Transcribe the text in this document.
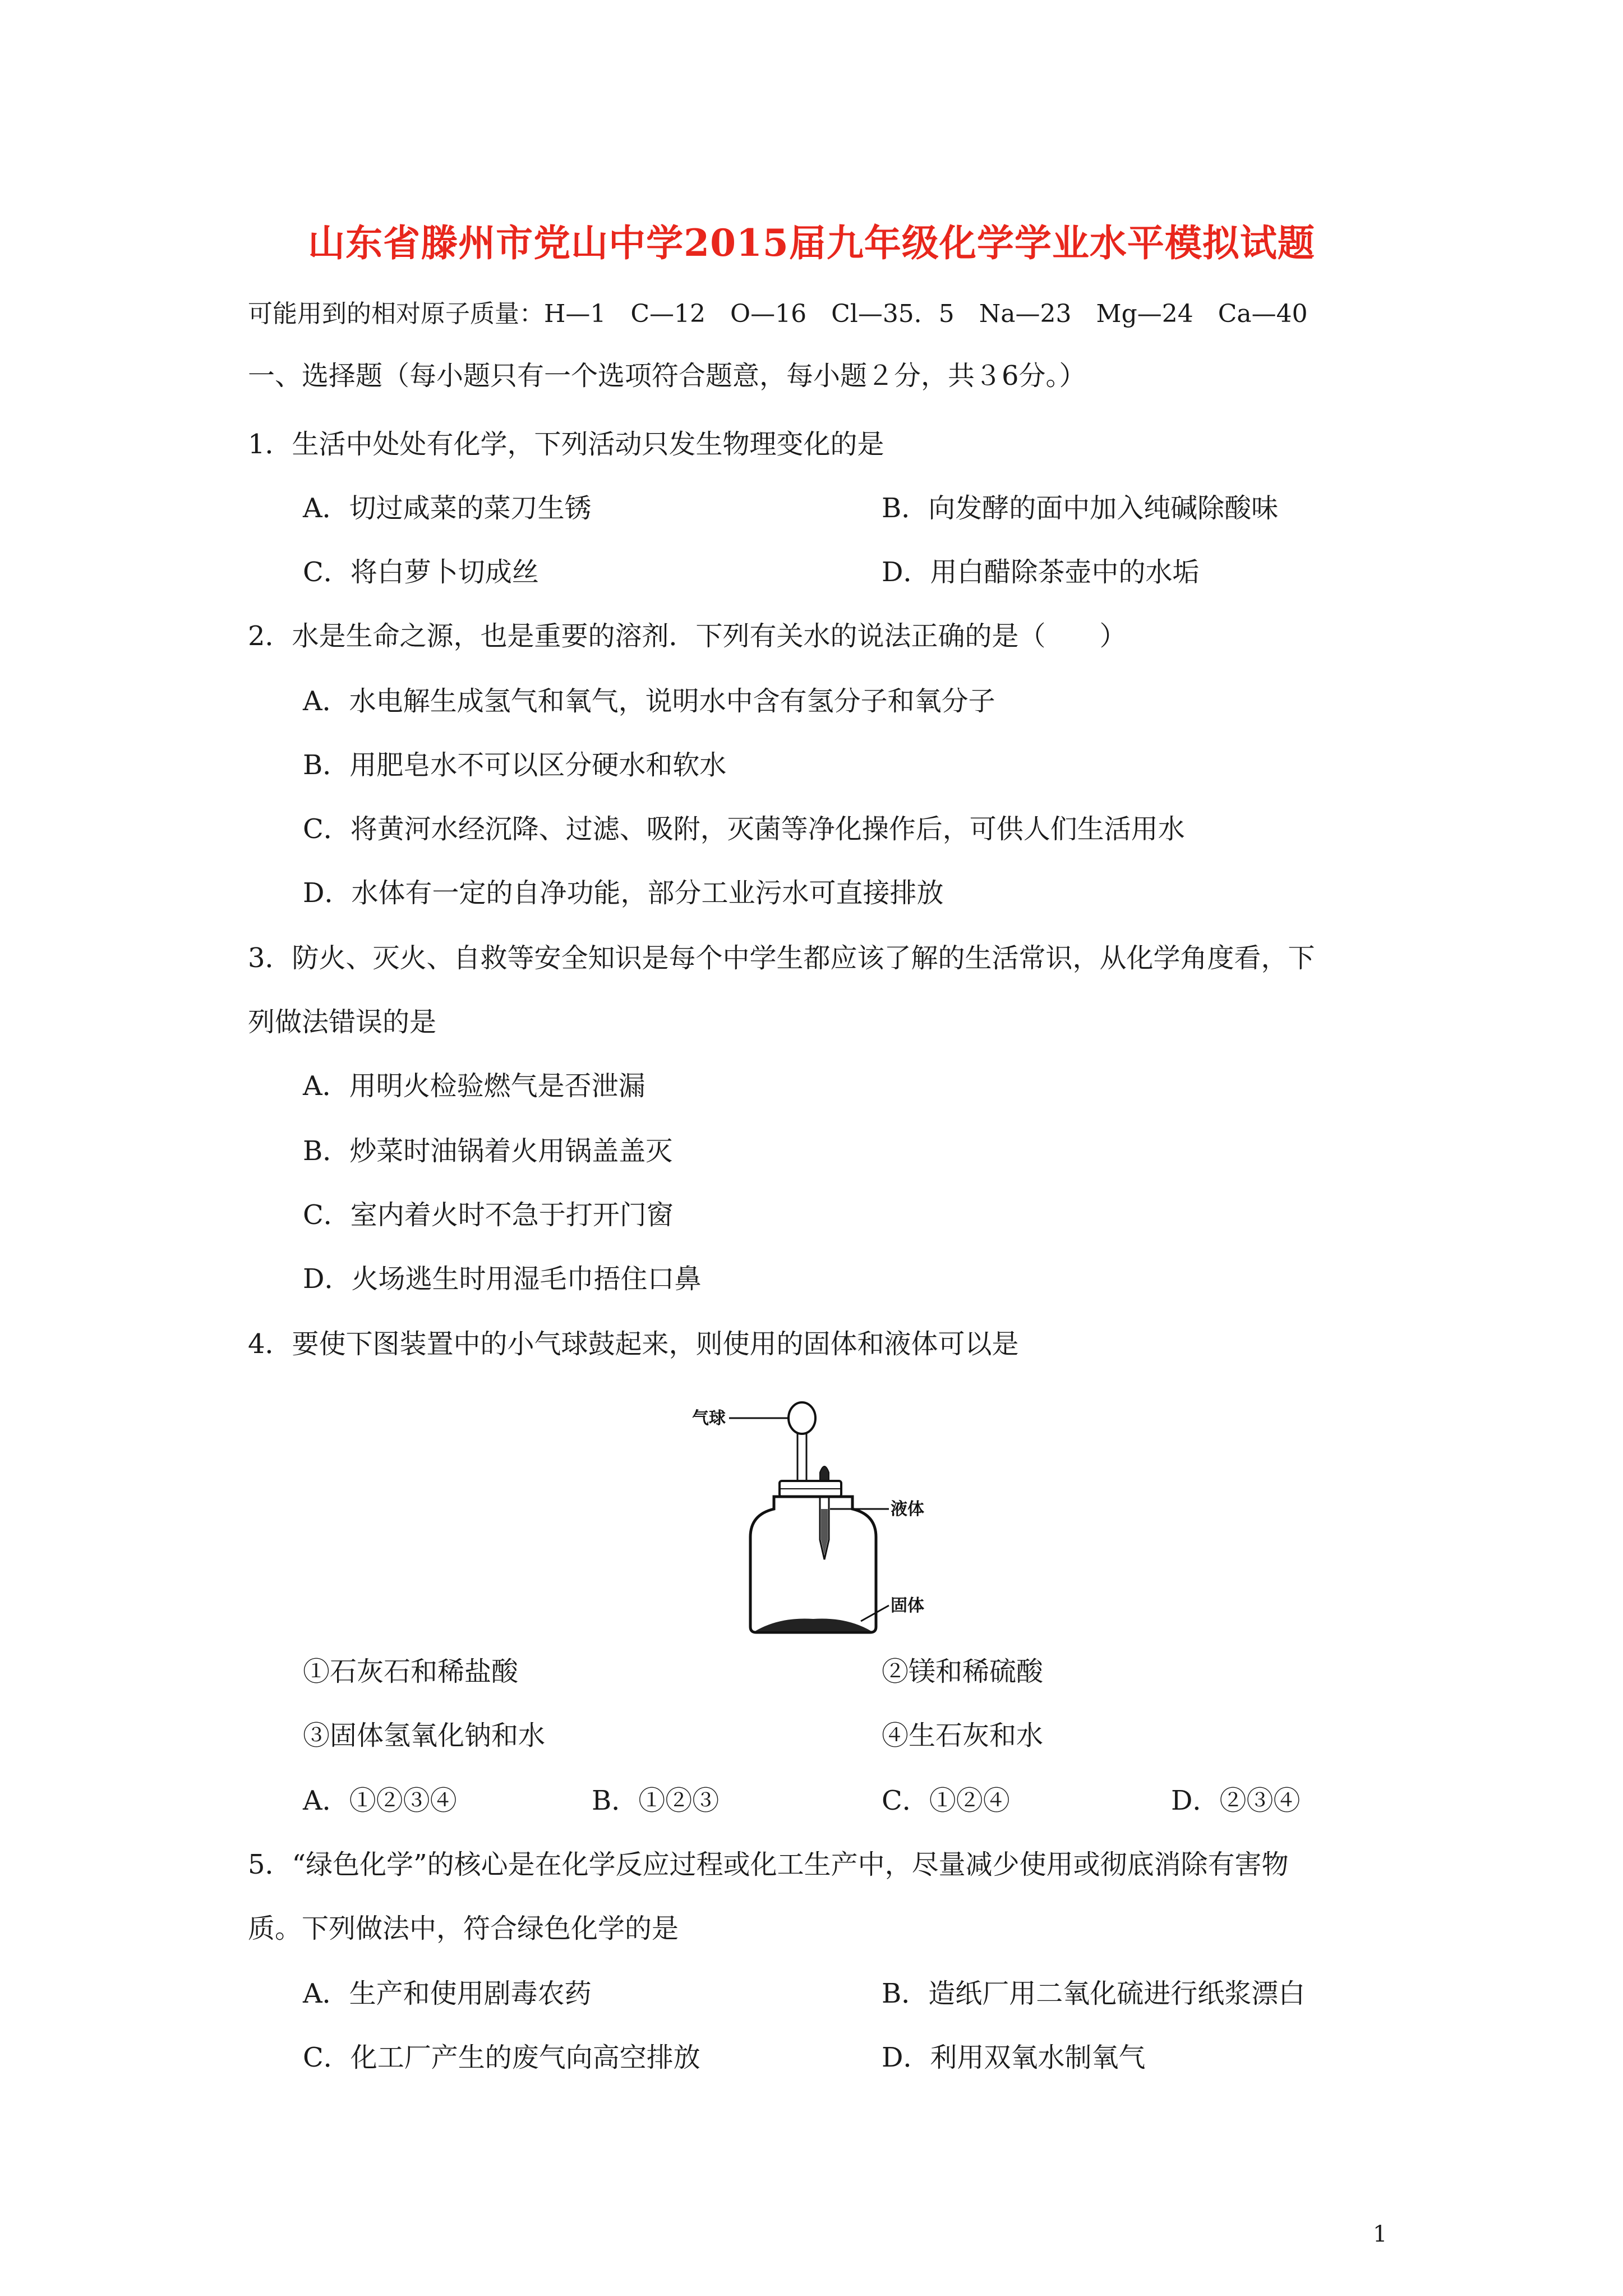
山东省滕州市党山中学2015届九年级化学学业水平模拟试题
可能用到的相对原子质量：H—1　C—12　O—16　Cl—35．5　Na—23　Mg—24　Ca—40
一、选择题（每小题只有一个选项符合题意，每小题２分，共３6分。）
1．生活中处处有化学，下列活动只发生物理变化的是
A．切过咸菜的菜刀生锈	B．向发酵的面中加入纯碱除酸味
C．将白萝卜切成丝	D．用白醋除茶壶中的水垢
2．水是生命之源，也是重要的溶剂．下列有关水的说法正确的是（　　）
A．水电解生成氢气和氧气，说明水中含有氢分子和氧分子
B．用肥皂水不可以区分硬水和软水
C．将黄河水经沉降、过滤、吸附，灭菌等净化操作后，可供人们生活用水
D．水体有一定的自净功能，部分工业污水可直接排放
3．防火、灭火、自救等安全知识是每个中学生都应该了解的生活常识，从化学角度看，下
列做法错误的是
A．用明火检验燃气是否泄漏
B．炒菜时油锅着火用锅盖盖灭
C．室内着火时不急于打开门窗
D．火场逃生时用湿毛巾捂住口鼻
4．要使下图装置中的小气球鼓起来，则使用的固体和液体可以是
气球
液体
固体
①石灰石和稀盐酸	②镁和稀硫酸
③固体氢氧化钠和水	④生石灰和水
A．①②③④	B．①②③	C．①②④	D．②③④
5．“绿色化学”的核心是在化学反应过程或化工生产中，尽量减少使用或彻底消除有害物
质。下列做法中，符合绿色化学的是
A．生产和使用剧毒农药	B．造纸厂用二氧化硫进行纸浆漂白
C．化工厂产生的废气向高空排放	D．利用双氧水制氧气
1
